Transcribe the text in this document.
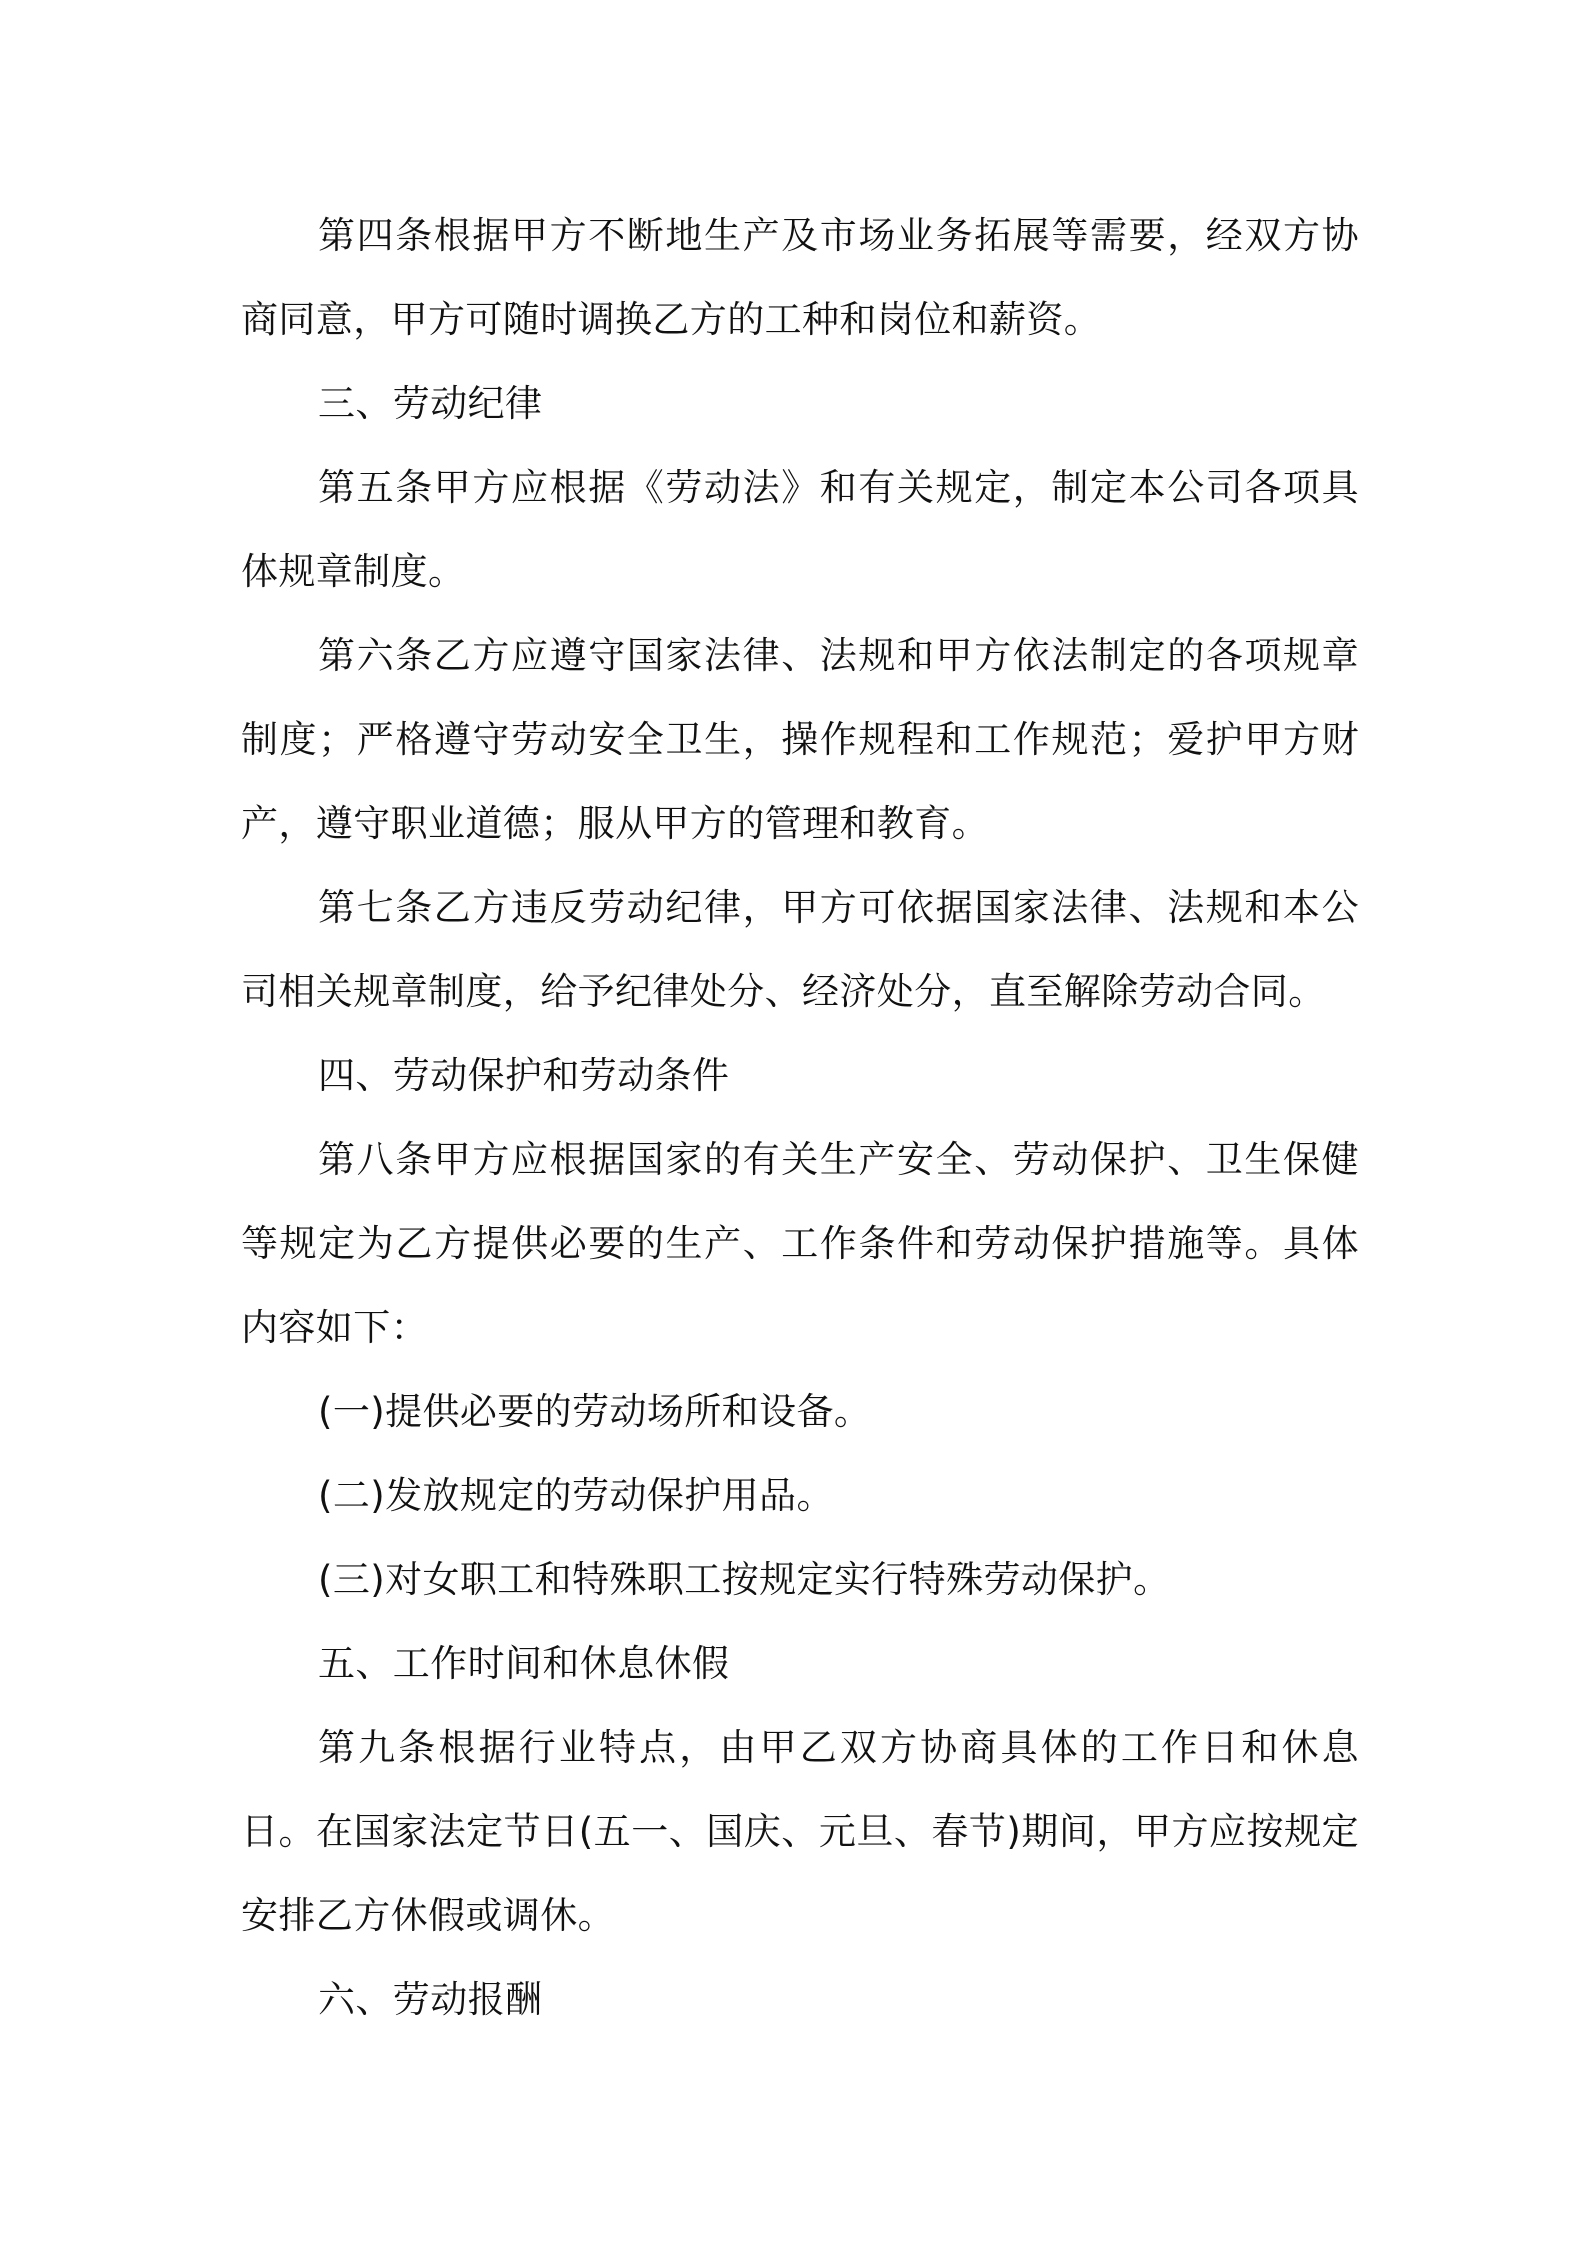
第四条根据甲方不断地生产及市场业务拓展等需要，经双方协商同意，甲方可随时调换乙方的工种和岗位和薪资。

三、劳动纪律

第五条甲方应根据《劳动法》和有关规定，制定本公司各项具体规章制度。

第六条乙方应遵守国家法律、法规和甲方依法制定的各项规章制度；严格遵守劳动安全卫生，操作规程和工作规范；爱护甲方财产，遵守职业道德；服从甲方的管理和教育。

第七条乙方违反劳动纪律，甲方可依据国家法律、法规和本公司相关规章制度，给予纪律处分、经济处分，直至解除劳动合同。

四、劳动保护和劳动条件

第八条甲方应根据国家的有关生产安全、劳动保护、卫生保健等规定为乙方提供必要的生产、工作条件和劳动保护措施等。具体内容如下：

(一)提供必要的劳动场所和设备。

(二)发放规定的劳动保护用品。

(三)对女职工和特殊职工按规定实行特殊劳动保护。

五、工作时间和休息休假

第九条根据行业特点，由甲乙双方协商具体的工作日和休息日。在国家法定节日(五一、国庆、元旦、春节)期间，甲方应按规定安排乙方休假或调休。

六、劳动报酬
